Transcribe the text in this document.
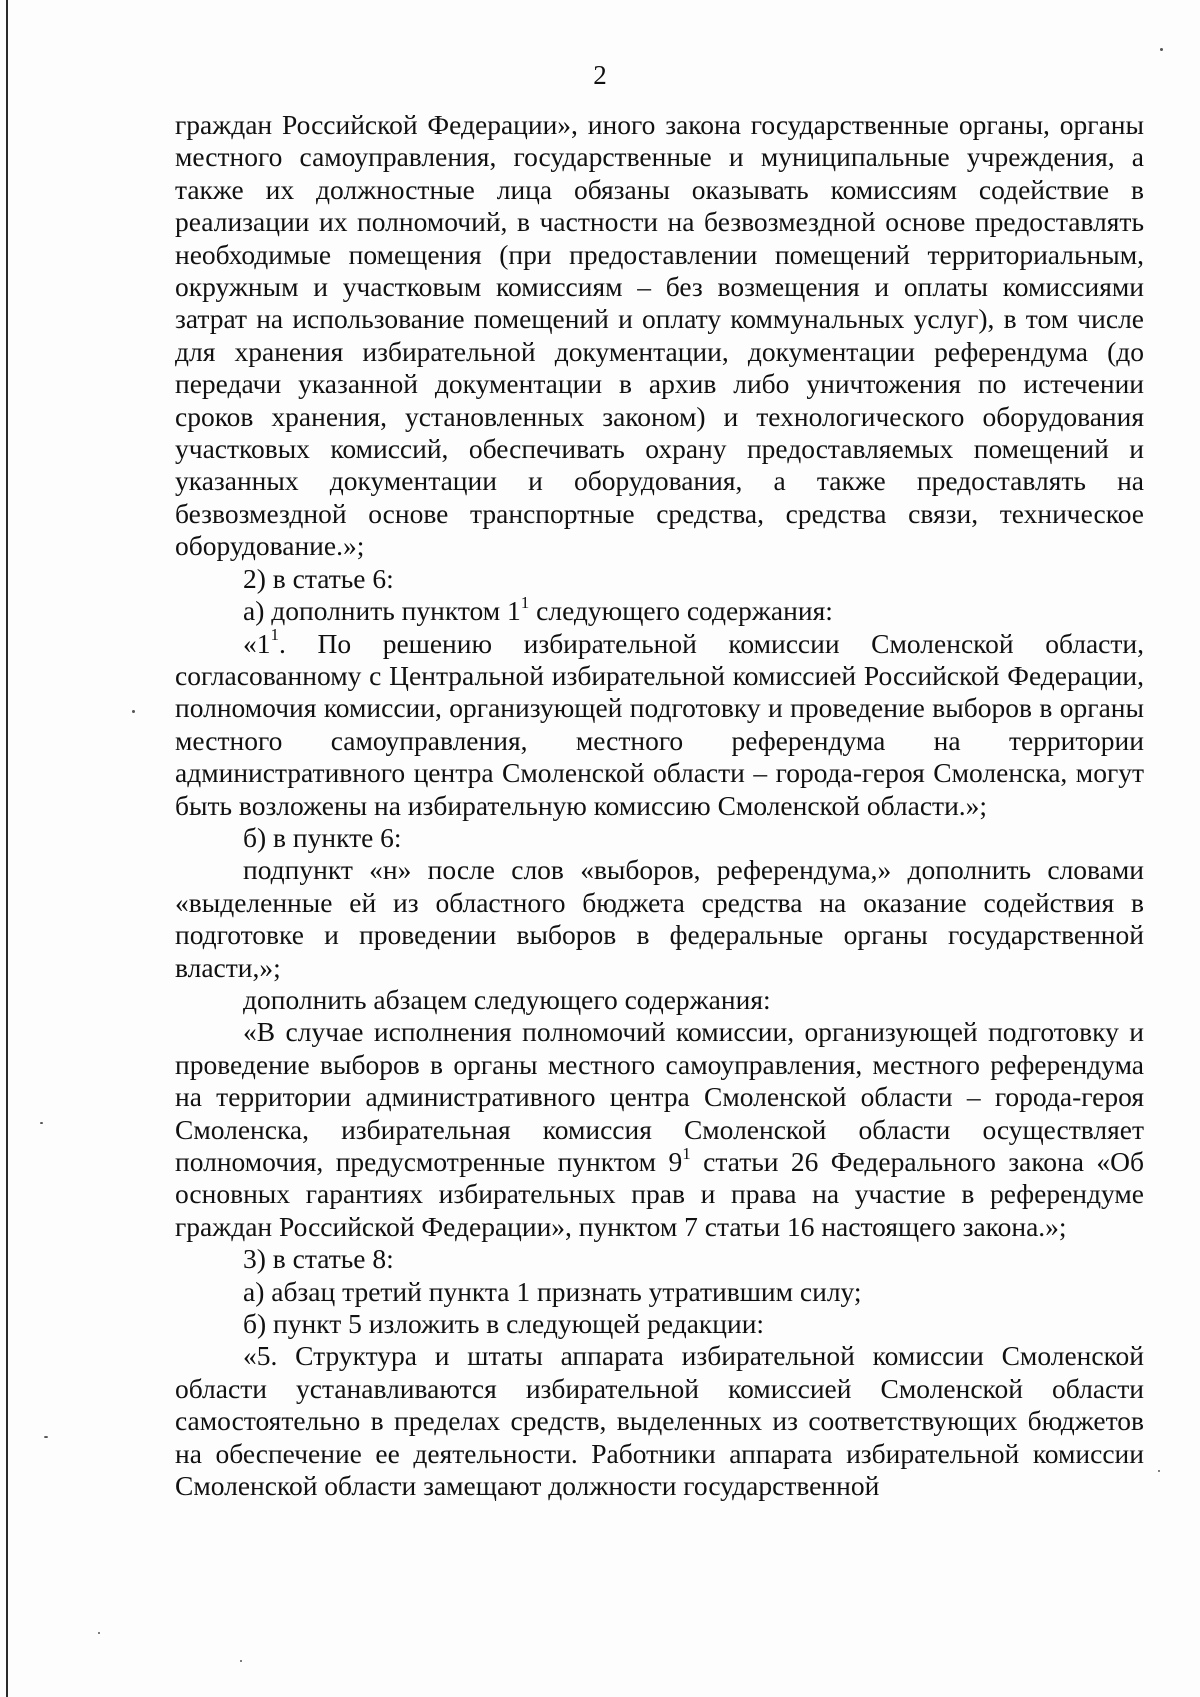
2

граждан Российской Федерации», иного закона государственные органы, органы местного самоуправления, государственные и муниципальные учреждения, а также их должностные лица обязаны оказывать комиссиям содействие в реализации их полномочий, в частности на безвозмездной основе предоставлять необходимые помещения (при предоставлении помещений территориальным, окружным и участковым комиссиям – без возмещения и оплаты комиссиями затрат на использование помещений и оплату коммунальных услуг), в том числе для хранения избирательной документации, документации референдума (до передачи указанной документации в архив либо уничтожения по истечении сроков хранения, установленных законом) и технологического оборудования участковых комиссий, обеспечивать охрану предоставляемых помещений и указанных документации и оборудования, а также предоставлять на безвозмездной основе транспортные средства, средства связи, техническое оборудование.»;

2) в статье 6:

а) дополнить пунктом $1^1$ следующего содержания:

«$1^1$. По решению избирательной комиссии Смоленской области, согласованному с Центральной избирательной комиссией Российской Федерации, полномочия комиссии, организующей подготовку и проведение выборов в органы местного самоуправления, местного референдума на территории административного центра Смоленской области – города-героя Смоленска, могут быть возложены на избирательную комиссию Смоленской области.»;

б) в пункте 6:

подпункт «н» после слов «выборов, референдума,» дополнить словами «выделенные ей из областного бюджета средства на оказание содействия в подготовке и проведении выборов в федеральные органы государственной власти,»;

дополнить абзацем следующего содержания:

«В случае исполнения полномочий комиссии, организующей подготовку и проведение выборов в органы местного самоуправления, местного референдума на территории административного центра Смоленской области – города-героя Смоленска, избирательная комиссия Смоленской области осуществляет полномочия, предусмотренные пунктом $9^1$ статьи 26 Федерального закона «Об основных гарантиях избирательных прав и права на участие в референдуме граждан Российской Федерации», пунктом 7 статьи 16 настоящего закона.»;

3) в статье 8:

а) абзац третий пункта 1 признать утратившим силу;

б) пункт 5 изложить в следующей редакции:

«5. Структура и штаты аппарата избирательной комиссии Смоленской области устанавливаются избирательной комиссией Смоленской области самостоятельно в пределах средств, выделенных из соответствующих бюджетов на обеспечение ее деятельности. Работники аппарата избирательной комиссии Смоленской области замещают должности государственной
